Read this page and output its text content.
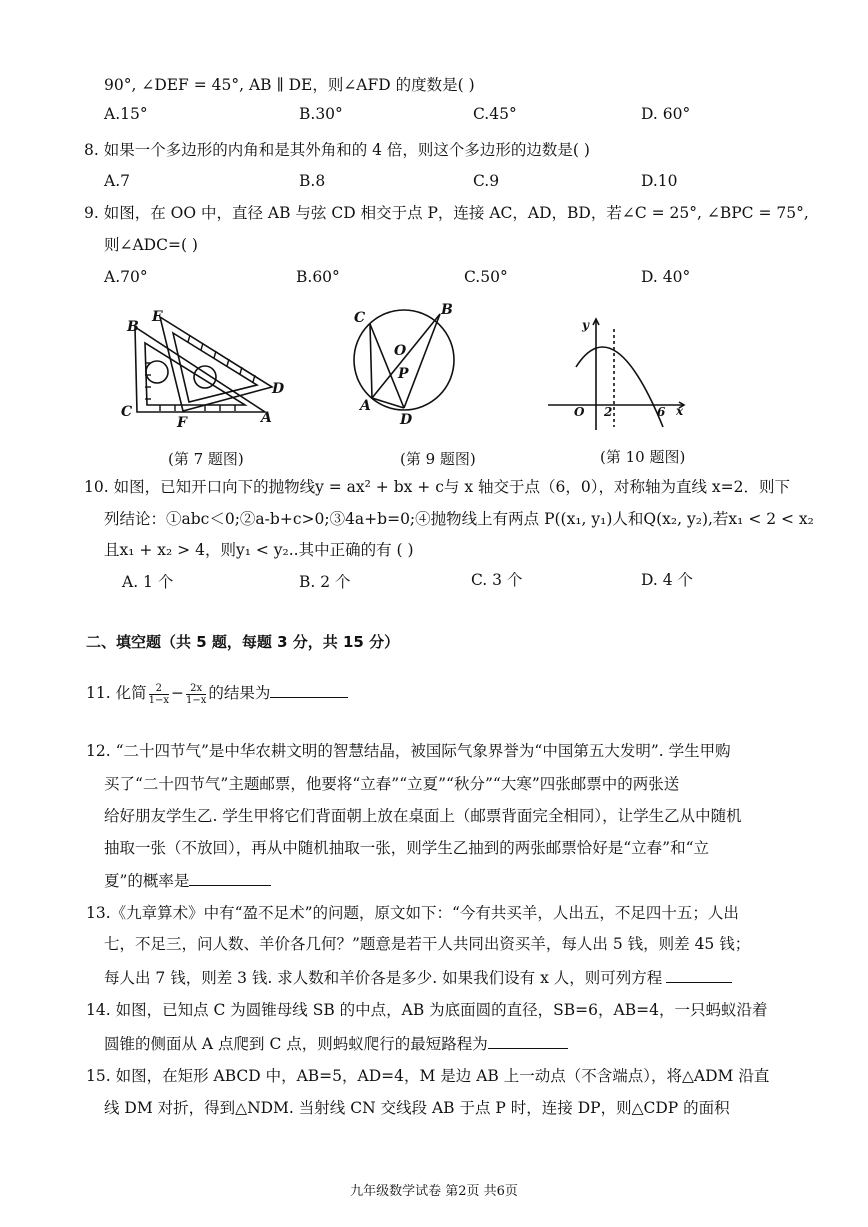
90°, ∠DEF = 45°, AB ∥ DE，则∠AFD 的度数是( )
A.15°	B.30°	C.45°	D. 60°
8. 如果一个多边形的内角和是其外角和的 4 倍，则这个多边形的边数是( )
A.7	B.8	C.9	D.10
9. 如图，在 OO 中，直径 AB 与弦 CD 相交于点 P，连接 AC，AD，BD，若∠C = 25°, ∠BPC = 75°,
则∠ADC=( )
A.70°	B.60°	C.50°	D. 40°
B
E
D
C
F	A
(第 7 题图)
C	B
O
P
A
D
(第 9 题图)
y
O 2	6 x
(第 10 题图)
10. 如图，已知开口向下的抛物线y = ax² + bx + c与 x 轴交于点（6，0），对称轴为直线 x=2．则下
列结论：①abc＜0;②a-b+c>0;③4a+b=0;④抛物线上有两点 P((x₁, y₁)人和Q(x₂, y₂),若x₁ < 2 < x₂
且x₁ + x₂ > 4，则y₁ < y₂..其中正确的有 ( )
A. 1 个	B. 2 个	C. 3 个	D. 4 个
二、填空题（共 5 题，每题 3 分，共 15 分）
11. 化简 $\frac{2}{1-x} - \frac{2x}{1-x}$ 的结果为
12. “二十四节气”是中华农耕文明的智慧结晶，被国际气象界誉为“中国第五大发明”. 学生甲购
买了“二十四节气”主题邮票，他要将“立春”“立夏”“秋分”“大寒”四张邮票中的两张送
给好朋友学生乙. 学生甲将它们背面朝上放在桌面上（邮票背面完全相同），让学生乙从中随机
抽取一张（不放回），再从中随机抽取一张，则学生乙抽到的两张邮票恰好是“立春”和“立
夏”的概率是
13.《九章算术》中有“盈不足术”的问题，原文如下：“今有共买羊，人出五，不足四十五；人出
七，不足三，问人数、羊价各几何？”题意是若干人共同出资买羊，每人出 5 钱，则差 45 钱；
每人出 7 钱，则差 3 钱. 求人数和羊价各是多少. 如果我们设有 x 人，则可列方程
14. 如图，已知点 C 为圆锥母线 SB 的中点，AB 为底面圆的直径，SB=6，AB=4，一只蚂蚁沿着
圆锥的侧面从 A 点爬到 C 点，则蚂蚁爬行的最短路程为
15. 如图，在矩形 ABCD 中，AB=5，AD=4，M 是边 AB 上一动点（不含端点），将△ADM 沿直
线 DM 对折，得到△NDM. 当射线 CN 交线段 AB 于点 P 时，连接 DP，则△CDP 的面积
九年级数学试卷 第2页 共6页
